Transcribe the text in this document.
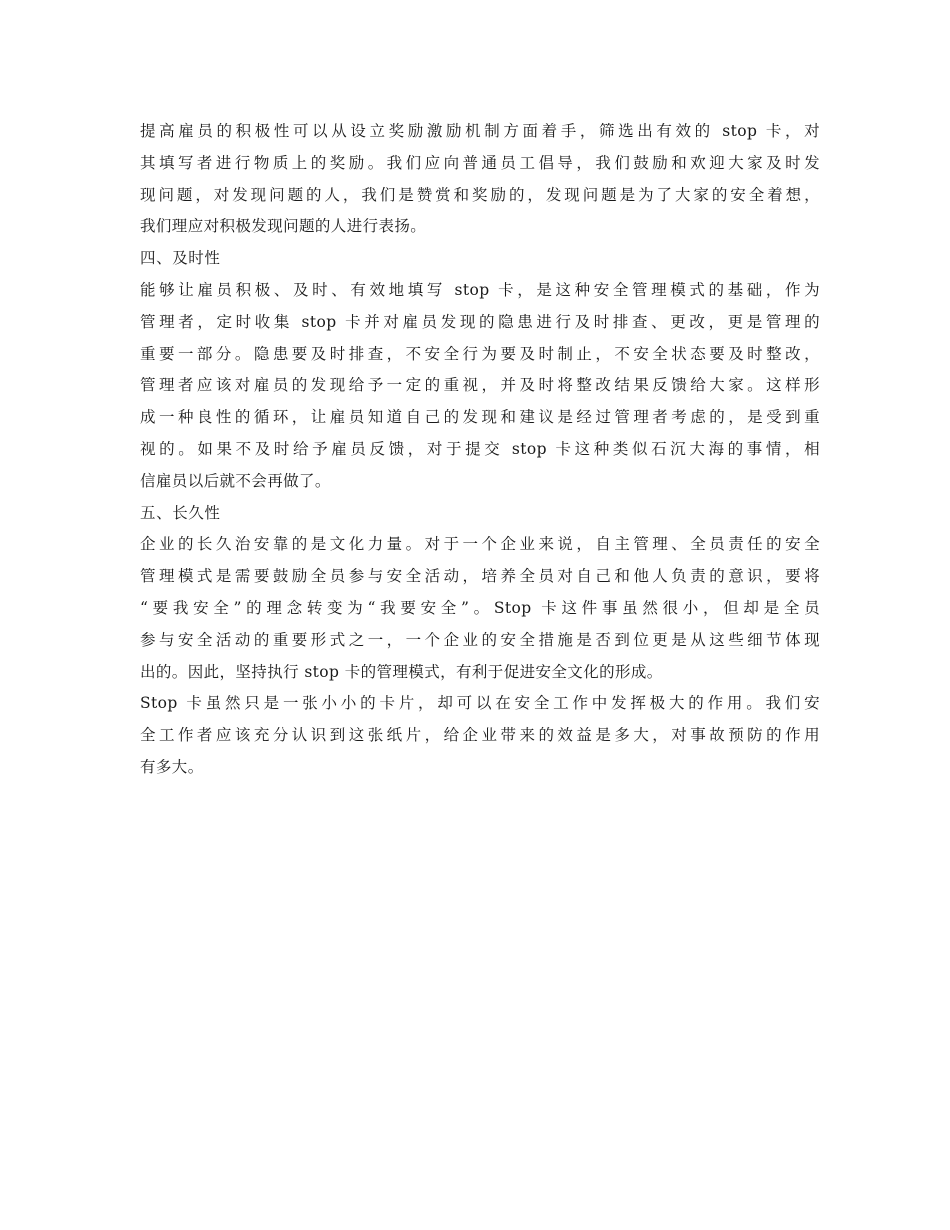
提高雇员的积极性可以从设立奖励激励机制方面着手，筛选出有效的 stop 卡，对
其填写者进行物质上的奖励。我们应向普通员工倡导，我们鼓励和欢迎大家及时发
现问题，对发现问题的人，我们是赞赏和奖励的，发现问题是为了大家的安全着想，
我们理应对积极发现问题的人进行表扬。
四、及时性
能够让雇员积极、及时、有效地填写 stop 卡，是这种安全管理模式的基础，作为
管理者，定时收集 stop 卡并对雇员发现的隐患进行及时排查、更改，更是管理的
重要一部分。隐患要及时排查，不安全行为要及时制止，不安全状态要及时整改，
管理者应该对雇员的发现给予一定的重视，并及时将整改结果反馈给大家。这样形
成一种良性的循环，让雇员知道自己的发现和建议是经过管理者考虑的，是受到重
视的。如果不及时给予雇员反馈，对于提交 stop 卡这种类似石沉大海的事情，相
信雇员以后就不会再做了。
五、长久性
企业的长久治安靠的是文化力量。对于一个企业来说，自主管理、全员责任的安全
管理模式是需要鼓励全员参与安全活动，培养全员对自己和他人负责的意识，要将
“要我安全”的理念转变为“我要安全”。Stop 卡这件事虽然很小，但却是全员
参与安全活动的重要形式之一，一个企业的安全措施是否到位更是从这些细节体现
出的。因此，坚持执行 stop 卡的管理模式，有利于促进安全文化的形成。
Stop 卡虽然只是一张小小的卡片，却可以在安全工作中发挥极大的作用。我们安
全工作者应该充分认识到这张纸片，给企业带来的效益是多大，对事故预防的作用
有多大。
